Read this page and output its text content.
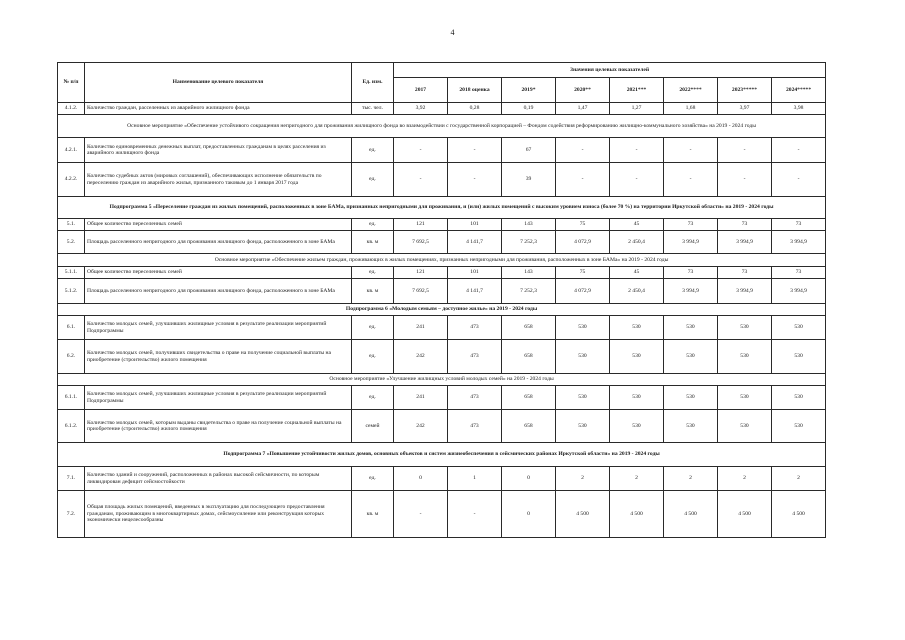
4
№ п/п	Наименование целевого показателя	Ед. изм.	Значения целевых показателей							
			2017	2018 оценка	2019*	2020**	2021***	2022****	2023*****	2024*****
4.1.2.	Количество граждан, расселенных из аварийного жилищного фонда	тыс. чел.	3,92	0,28	0,19	1,47	1,27	1,68	3,97	3,98
Основное мероприятие «Обеспечение устойчивого сокращения непригодного для проживания жилищного фонда во взаимодействии с государственной корпорацией – Фондом содействия реформированию жилищно-коммунального хозяйства» на 2019 - 2024 годы										
4.2.1.	Количество единовременных денежных выплат, предоставленных гражданам в целях расселения из аварийного жилищного фонда	ед.	-	-	67	-	-	-	-	-
4.2.2.	Количество судебных актов (мировых соглашений), обеспечивающих исполнение обязательств по переселению граждан из аварийного жилья, признанного таковым до 1 января 2017 года	ед.	-	-	39	-	-	-	-	-
Подпрограмма 5 «Переселение граждан из жилых помещений, расположенных в зоне БАМа, признанных непригодными для проживания, и (или) жилых помещений с высоким уровнем износа (более 70 %) на территории Иркутской области» на 2019 - 2024 годы										
5.1.	Общее количество переселенных семей	ед.	121	101	143	75	45	73	73	73
5.2.	Площадь расселенного непригодного для проживания жилищного фонда, расположенного в зоне БАМа	кв. м	7 692,5	4 141,7	7 252,3	4 072,9	2 450,4	3 994,9	3 994,9	3 994,9
Основное мероприятие «Обеспечение жильем граждан, проживающих в жилых помещениях, признанных непригодными для проживания, расположенных в зоне БАМа» на 2019 - 2024 годы										
5.1.1.	Общее количество переселенных семей	ед.	121	101	143	75	45	73	73	73
5.1.2.	Площадь расселенного непригодного для проживания жилищного фонда, расположенного в зоне БАМа	кв. м	7 692,5	4 141,7	7 252,3	4 072,9	2 450,4	3 994,9	3 994,9	3 994,9
Подпрограмма 6 «Молодым семьям – доступное жилье» на 2019 - 2024 годы										
6.1.	Количество молодых семей, улучшивших жилищные условия в результате реализации мероприятий Подпрограммы	ед.	241	473	658	530	530	530	530	530
6.2.	Количество молодых семей, получивших свидетельства о праве на получение социальной выплаты на приобретение (строительство) жилого помещения	ед.	242	473	658	530	530	530	530	530
Основное мероприятие «Улучшение жилищных условий молодых семей» на 2019 - 2024 годы										
6.1.1.	Количество молодых семей, улучшивших жилищные условия в результате реализации мероприятий Подпрограммы	ед.	241	473	658	530	530	530	530	530
6.1.2.	Количество молодых семей, которым выданы свидетельства о праве на получение социальной выплаты на приобретение (строительство) жилого помещения	семей	242	473	658	530	530	530	530	530
Подпрограмма 7 «Повышение устойчивости жилых домов, основных объектов и систем жизнеобеспечения в сейсмических районах Иркутской области» на 2019 - 2024 годы										
7.1.	Количество зданий и сооружений, расположенных в районах высокой сейсмичности, по которым ликвидирован дефицит сейсмостойкости	ед.	0	1	0	2	2	2	2	2
7.2.	Общая площадь жилых помещений, введенных в эксплуатацию для последующего предоставления гражданам, проживающим в многоквартирных домах, сейсмоусиление или реконструкция которых экономически нецелесообразны	кв. м	-	-	0	4 500	4 500	4 500	4 500	4 500
